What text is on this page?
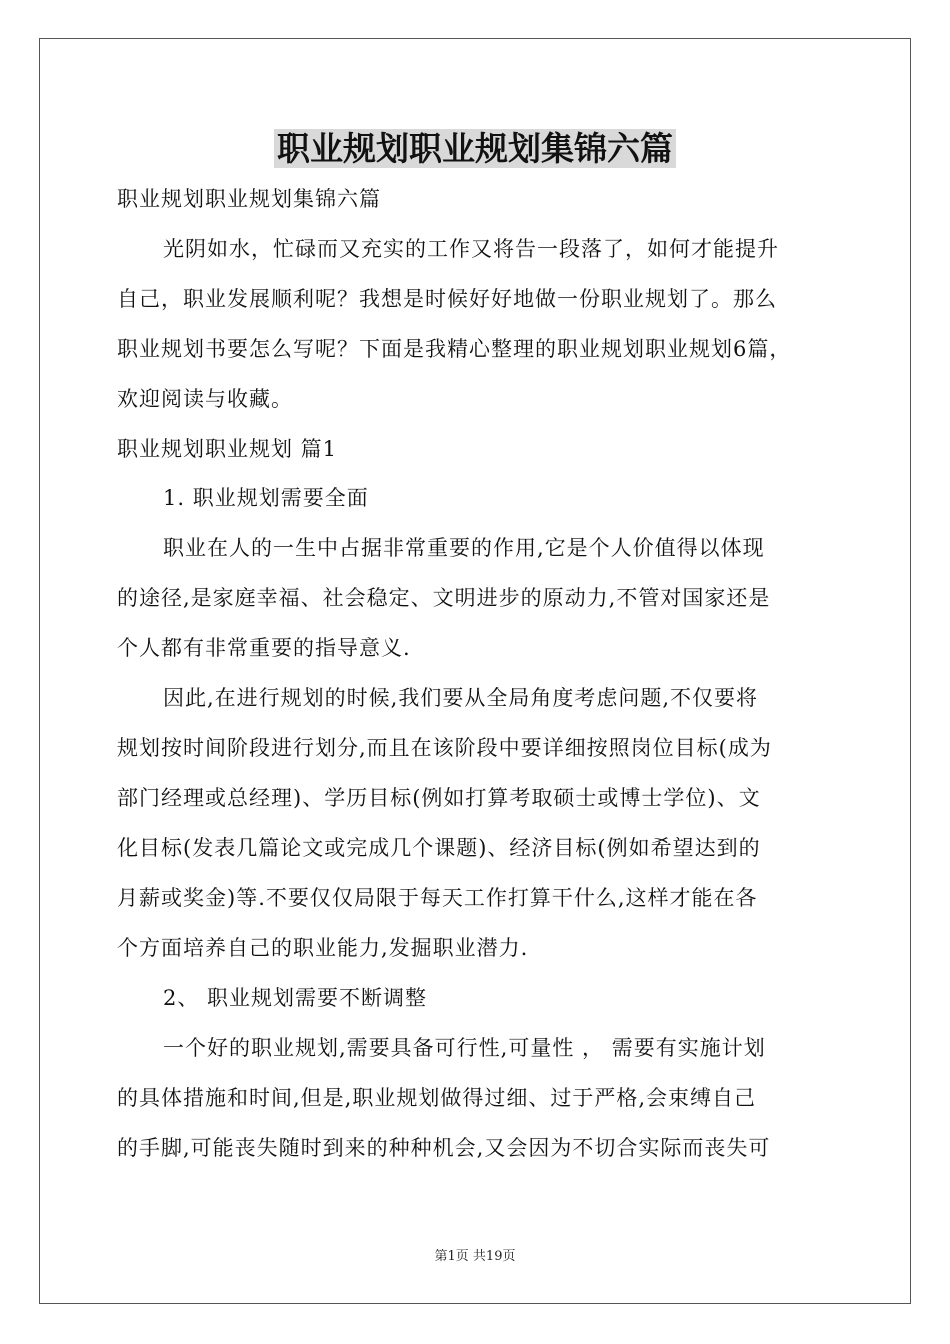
职业规划职业规划集锦六篇
职业规划职业规划集锦六篇
光阴如水，忙碌而又充实的工作又将告一段落了，如何才能提升
自己，职业发展顺利呢？我想是时候好好地做一份职业规划了。那么
职业规划书要怎么写呢？下面是我精心整理的职业规划职业规划6篇，
欢迎阅读与收藏。
职业规划职业规划 篇1
1. 职业规划需要全面
职业在人的一生中占据非常重要的作用,它是个人价值得以体现
的途径,是家庭幸福、社会稳定、文明进步的原动力,不管对国家还是
个人都有非常重要的指导意义.
因此,在进行规划的时候,我们要从全局角度考虑问题,不仅要将
规划按时间阶段进行划分,而且在该阶段中要详细按照岗位目标(成为
部门经理或总经理)、学历目标(例如打算考取硕士或博士学位)、文
化目标(发表几篇论文或完成几个课题)、经济目标(例如希望达到的
月薪或奖金)等.不要仅仅局限于每天工作打算干什么,这样才能在各
个方面培养自己的职业能力,发掘职业潜力.
2、 职业规划需要不断调整
一个好的职业规划,需要具备可行性,可量性 ， 需要有实施计划
的具体措施和时间,但是,职业规划做得过细、过于严格,会束缚自己
的手脚,可能丧失随时到来的种种机会,又会因为不切合实际而丧失可
第1页 共19页
